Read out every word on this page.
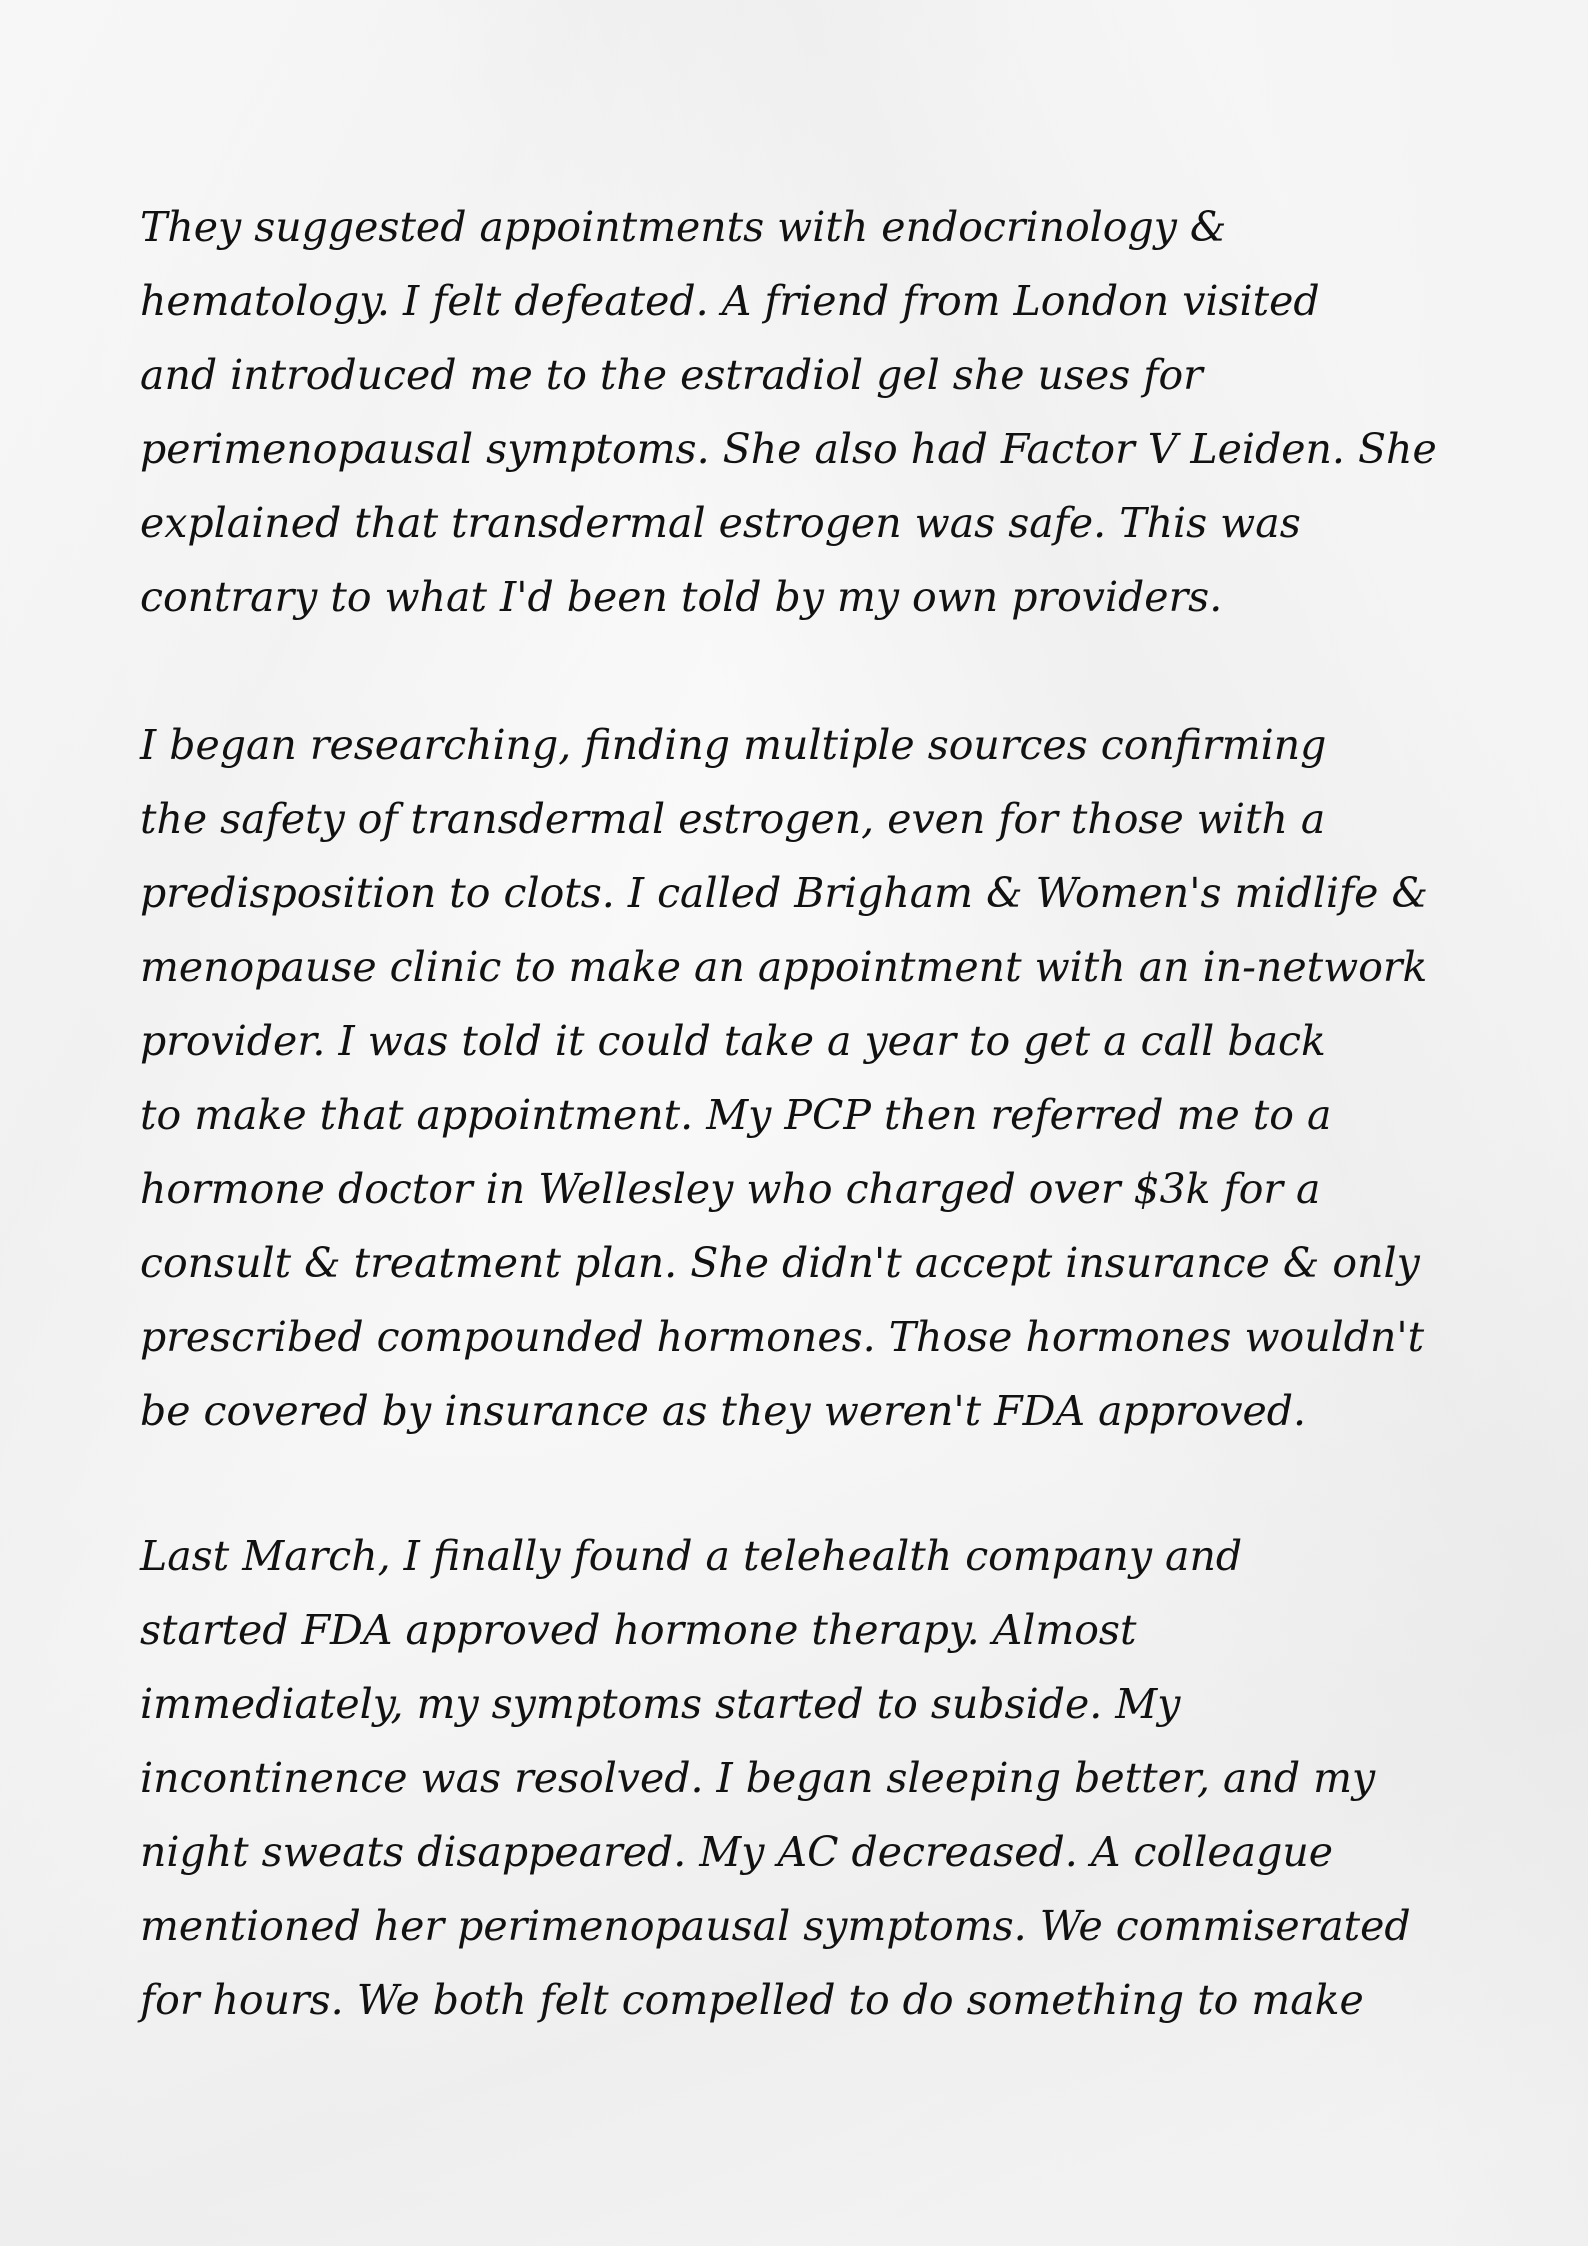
They suggested appointments with endocrinology &
hematology. I felt defeated. A friend from London visited
and introduced me to the estradiol gel she uses for
perimenopausal symptoms. She also had Factor V Leiden. She
explained that transdermal estrogen was safe. This was
contrary to what I'd been told by my own providers.
I began researching, finding multiple sources confirming
the safety of transdermal estrogen, even for those with a
predisposition to clots. I called Brigham & Women's midlife &
menopause clinic to make an appointment with an in-network
provider. I was told it could take a year to get a call back
to make that appointment. My PCP then referred me to a
hormone doctor in Wellesley who charged over $3k for a
consult & treatment plan. She didn't accept insurance & only
prescribed compounded hormones. Those hormones wouldn't
be covered by insurance as they weren't FDA approved.
Last March, I finally found a telehealth company and
started FDA approved hormone therapy. Almost
immediately, my symptoms started to subside. My
incontinence was resolved. I began sleeping better, and my
night sweats disappeared. My AC decreased. A colleague
mentioned her perimenopausal symptoms. We commiserated
for hours. We both felt compelled to do something to make
